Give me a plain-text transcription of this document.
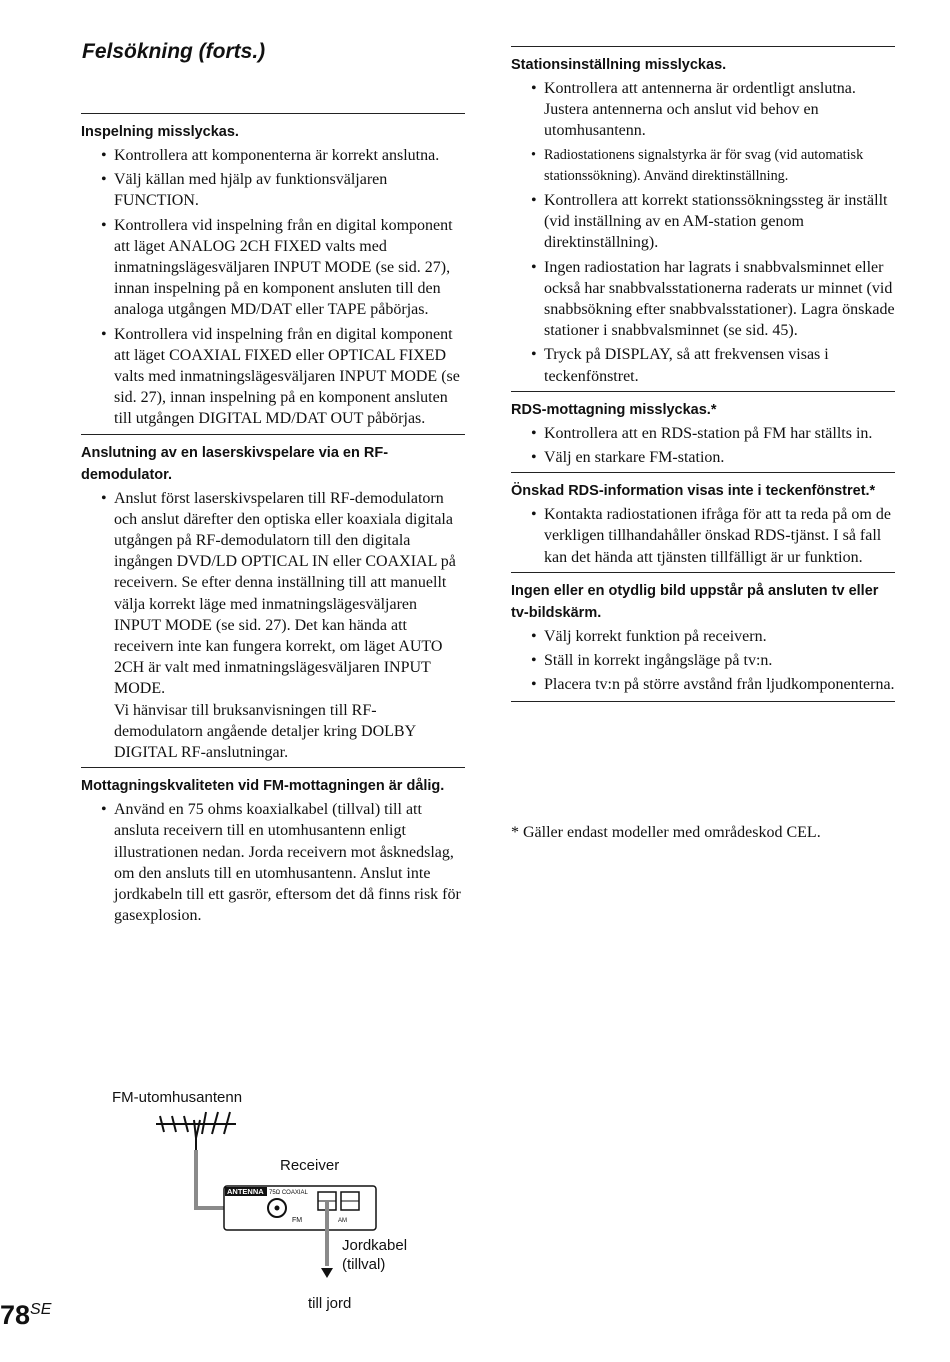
Felsökning (forts.)
Inspelning misslyckas.
• Kontrollera att komponenterna är korrekt anslutna.
• Välj källan med hjälp av funktionsväljaren FUNCTION.
• Kontrollera vid inspelning från en digital komponent att läget ANALOG 2CH FIXED valts med inmatningslägesväljaren INPUT MODE (se sid. 27), innan inspelning på en komponent ansluten till den analoga utgången MD/DAT eller TAPE påbörjas.
• Kontrollera vid inspelning från en digital komponent att läget COAXIAL FIXED eller OPTICAL FIXED valts med inmatningslägesväljaren INPUT MODE (se sid. 27), innan inspelning på en komponent ansluten till utgången DIGITAL MD/DAT OUT påbörjas.
Anslutning av en laserskivspelare via en RF-demodulator.
• Anslut först laserskivspelaren till RF-demodulatorn och anslut därefter den optiska eller koaxiala digitala utgången på RF-demodulatorn till den digitala ingången DVD/LD OPTICAL IN eller COAXIAL på receivern. Se efter denna inställning till att manuellt välja korrekt läge med inmatningslägesväljaren INPUT MODE (se sid. 27). Det kan hända att receivern inte kan fungera korrekt, om läget AUTO 2CH är valt med inmatningslägesväljaren INPUT MODE.
Vi hänvisar till bruksanvisningen till RF-demodulatorn angående detaljer kring DOLBY DIGITAL RF-anslutningar.
Mottagningskvaliteten vid FM-mottagningen är dålig.
• Använd en 75 ohms koaxialkabel (tillval) till att ansluta receivern till en utomhusantenn enligt illustrationen nedan. Jorda receivern mot åsknedslag, om den ansluts till en utomhusantenn. Anslut inte jordkabeln till ett gasrör, eftersom det då finns risk för gasexplosion.
Stationsinställning misslyckas.
• Kontrollera att antennerna är ordentligt anslutna. Justera antennerna och anslut vid behov en utomhusantenn.
• Radiostationens signalstyrka är för svag (vid automatisk stationssökning). Använd direktinställning.
• Kontrollera att korrekt stationssökningssteg är inställt (vid inställning av en AM-station genom direktinställning).
• Ingen radiostation har lagrats i snabbvalsminnet eller också har snabbvalsstationerna raderats ur minnet (vid snabbsökning efter snabbvalsstationer). Lagra önskade stationer i snabbvalsminnet (se sid. 45).
• Tryck på DISPLAY, så att frekvensen visas i teckenfönstret.
RDS-mottagning misslyckas.*
• Kontrollera att en RDS-station på FM har ställts in.
• Välj en starkare FM-station.
Önskad RDS-information visas inte i teckenfönstret.*
• Kontakta radiostationen ifråga för att ta reda på om de verkligen tillhandahåller önskad RDS-tjänst. I så fall kan det hända att tjänsten tillfälligt är ur funktion.
Ingen eller en otydlig bild uppstår på ansluten tv eller tv-bildskärm.
• Välj korrekt funktion på receivern.
• Ställ in korrekt ingångsläge på tv:n.
• Placera tv:n på större avstånd från ljudkomponenterna.
* Gäller endast modeller med områdeskod CEL.
FM-utomhusantenn
Receiver
Jordkabel
(tillval)
till jord
ANTENNA 75Ω COAXIAL
FM	AM
$78^{SE}$
